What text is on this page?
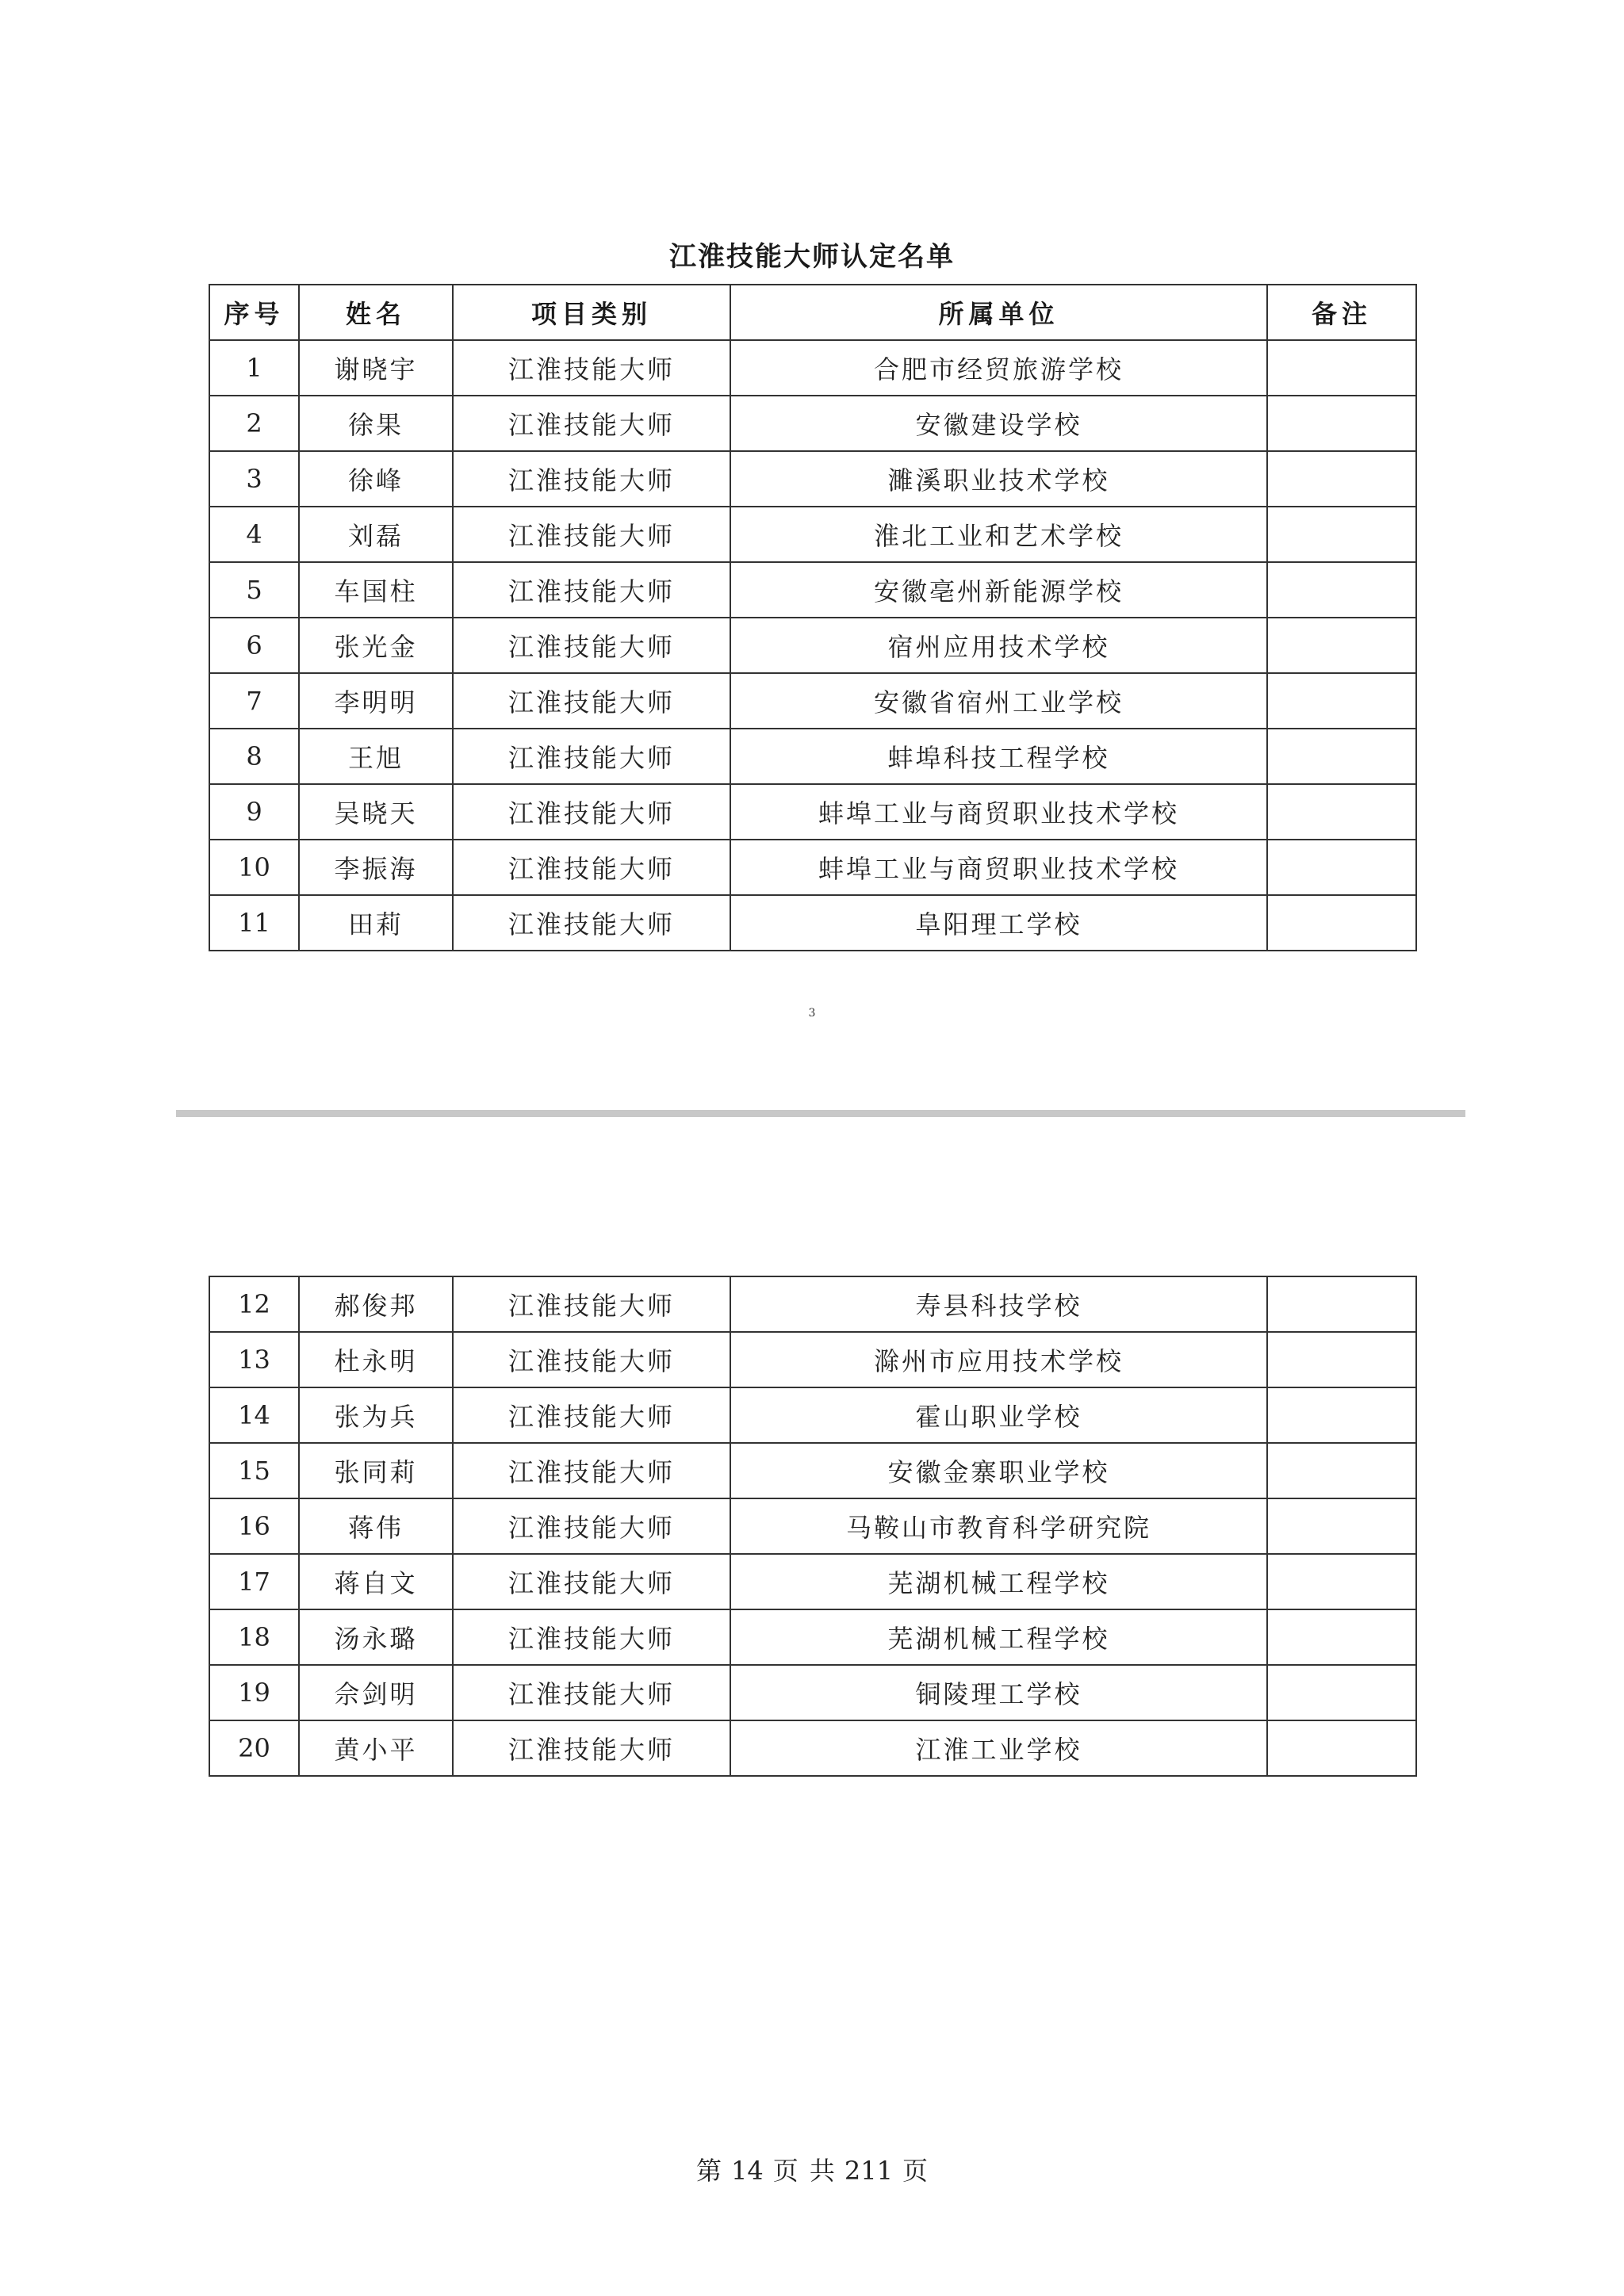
江淮技能大师认定名单
序号	姓名	项目类别	所属单位	备注
1	谢晓宇	江淮技能大师	合肥市经贸旅游学校	
2	徐果	江淮技能大师	安徽建设学校	
3	徐峰	江淮技能大师	濉溪职业技术学校	
4	刘磊	江淮技能大师	淮北工业和艺术学校	
5	车国柱	江淮技能大师	安徽亳州新能源学校	
6	张光金	江淮技能大师	宿州应用技术学校	
7	李明明	江淮技能大师	安徽省宿州工业学校	
8	王旭	江淮技能大师	蚌埠科技工程学校	
9	吴晓天	江淮技能大师	蚌埠工业与商贸职业技术学校	
10	李振海	江淮技能大师	蚌埠工业与商贸职业技术学校	
11	田莉	江淮技能大师	阜阳理工学校	
3
12	郝俊邦	江淮技能大师	寿县科技学校	
13	杜永明	江淮技能大师	滁州市应用技术学校	
14	张为兵	江淮技能大师	霍山职业学校	
15	张同莉	江淮技能大师	安徽金寨职业学校	
16	蒋伟	江淮技能大师	马鞍山市教育科学研究院	
17	蒋自文	江淮技能大师	芜湖机械工程学校	
18	汤永璐	江淮技能大师	芜湖机械工程学校	
19	佘剑明	江淮技能大师	铜陵理工学校	
20	黄小平	江淮技能大师	江淮工业学校	
第 14 页 共 211 页
